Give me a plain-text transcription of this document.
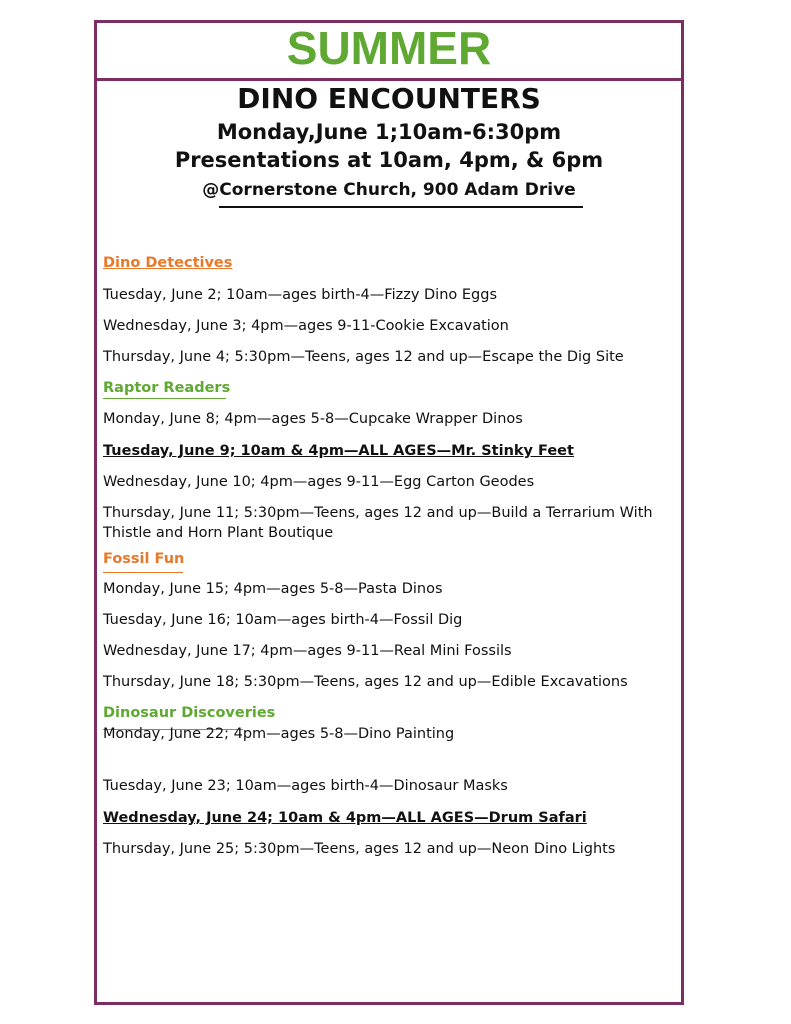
SUMMER
DINO ENCOUNTERS
Monday,June 1;10am-6:30pm
Presentations at 10am, 4pm, & 6pm
@Cornerstone Church, 900 Adam Drive
Dino Detectives
Tuesday, June 2; 10am—ages birth-4—Fizzy Dino Eggs
Wednesday, June 3; 4pm—ages 9-11-Cookie Excavation
Thursday, June 4; 5:30pm—Teens, ages 12 and up—Escape the Dig Site
Raptor Readers
Monday, June 8; 4pm—ages 5-8—Cupcake Wrapper Dinos
Tuesday, June 9; 10am & 4pm—ALL AGES—Mr. Stinky Feet
Wednesday, June 10; 4pm—ages 9-11—Egg Carton Geodes
Thursday, June 11; 5:30pm—Teens, ages 12 and up—Build a Terrarium With Thistle and Horn Plant Boutique
Fossil Fun
Monday, June 15; 4pm—ages 5-8—Pasta Dinos
Tuesday, June 16; 10am—ages birth-4—Fossil Dig
Wednesday, June 17; 4pm—ages 9-11—Real Mini Fossils
Thursday, June 18; 5:30pm—Teens, ages 12 and up—Edible Excavations
Dinosaur Discoveries
Monday, June 22; 4pm—ages 5-8—Dino Painting
Tuesday, June 23; 10am—ages birth-4—Dinosaur Masks
Wednesday, June 24; 10am & 4pm—ALL AGES—Drum Safari
Thursday, June 25; 5:30pm—Teens, ages 12 and up—Neon Dino Lights
